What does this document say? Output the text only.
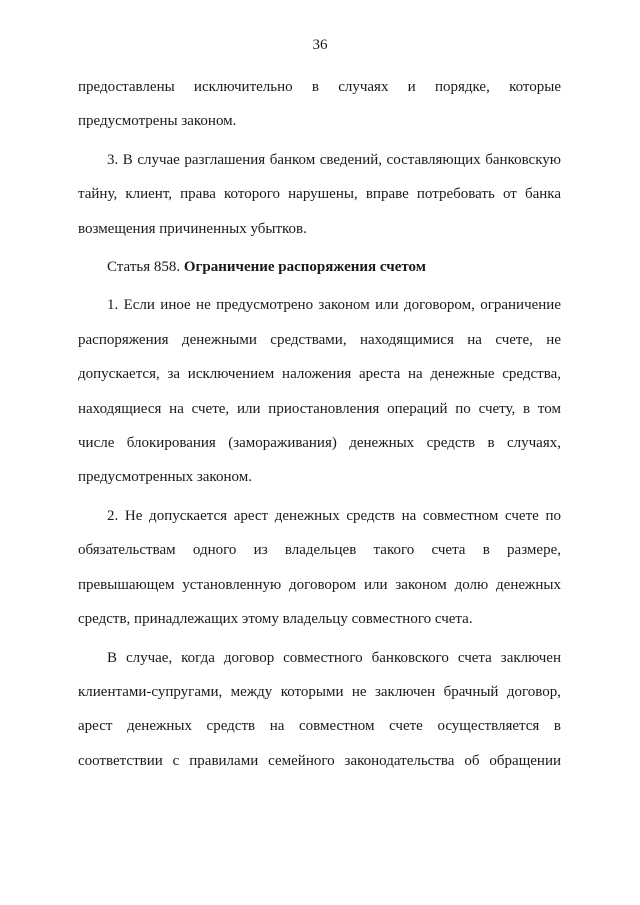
36
предоставлены исключительно в случаях и порядке, которые
предусмотрены законом.
3. В случае разглашения банком сведений, составляющих банковскую
тайну, клиент, права которого нарушены, вправе потребовать от банка
возмещения причиненных убытков.
Статья 858. Ограничение распоряжения счетом
1. Если иное не предусмотрено законом или договором, ограничение
распоряжения денежными средствами, находящимися на счете, не
допускается, за исключением наложения ареста на денежные средства,
находящиеся на счете, или приостановления операций по счету, в том
числе блокирования (замораживания) денежных средств в случаях,
предусмотренных законом.
2. Не допускается арест денежных средств на совместном счете по
обязательствам одного из владельцев такого счета в размере,
превышающем установленную договором или законом долю денежных
средств, принадлежащих этому владельцу совместного счета.
В случае, когда договор совместного банковского счета заключен
клиентами-супругами, между которыми не заключен брачный договор,
арест денежных средств на совместном счете осуществляется в
соответствии с правилами семейного законодательства об обращении
